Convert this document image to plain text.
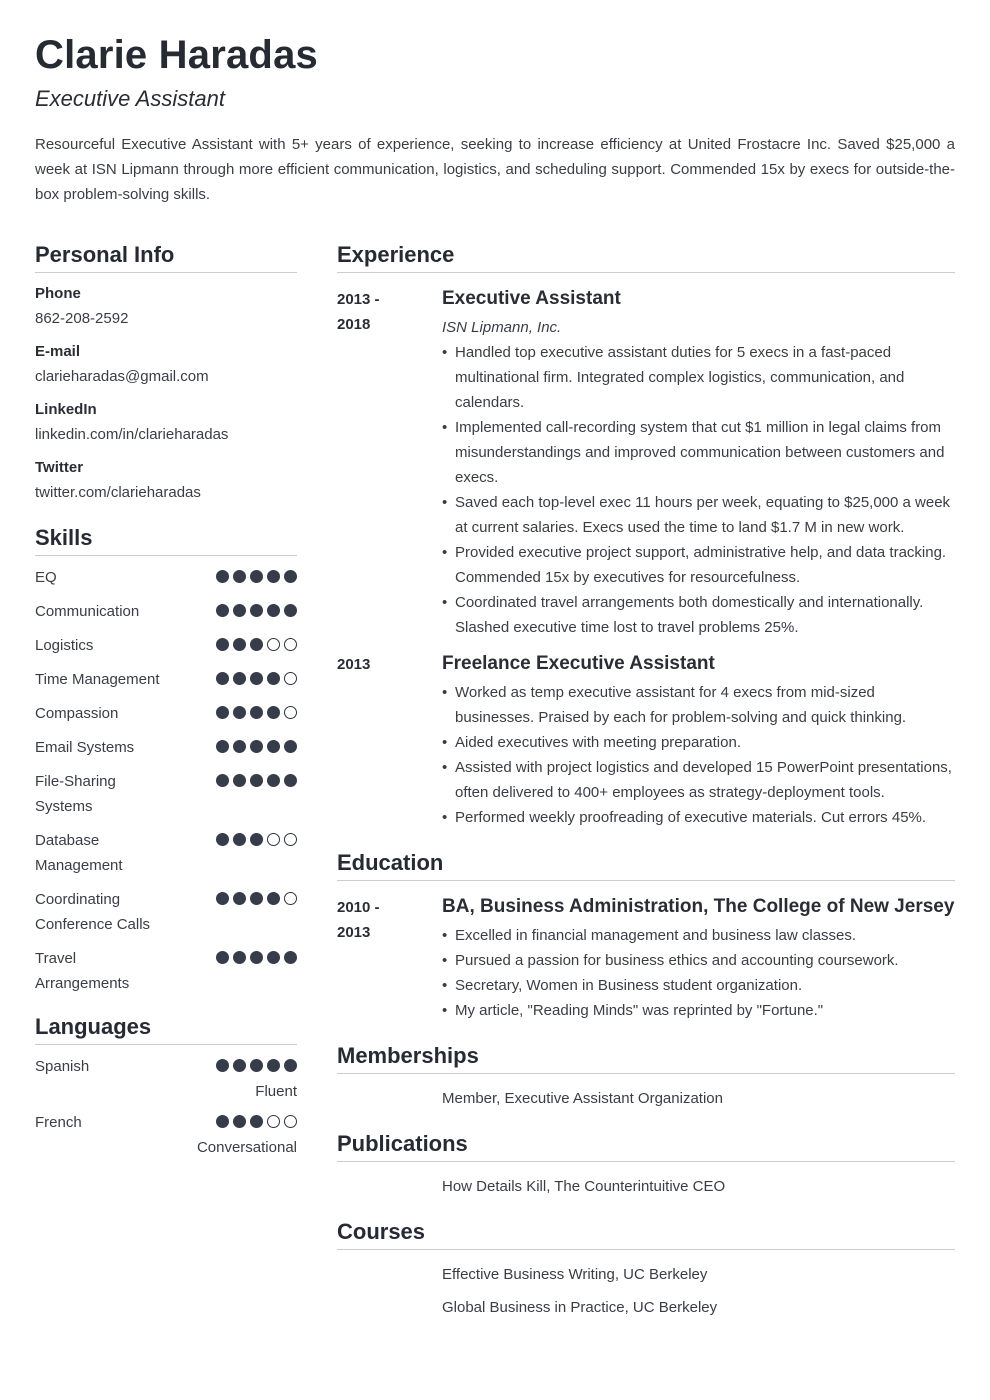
Clarie Haradas
Executive Assistant
Resourceful Executive Assistant with 5+ years of experience, seeking to increase efficiency at United Frostacre Inc. Saved $25,000 a week at ISN Lipmann through more efficient communication, logistics, and scheduling support. Commended 15x by execs for outside-the-box problem-solving skills.
Personal Info
Phone
862-208-2592
E-mail
clarieharadas@gmail.com
LinkedIn
linkedin.com/in/clarieharadas
Twitter
twitter.com/clarieharadas
Skills
EQ
Communication
Logistics
Time Management
Compassion
Email Systems
File-Sharing Systems
Database Management
Coordinating Conference Calls
Travel Arrangements
Languages
Spanish
Fluent
French
Conversational
Experience
2013 -
2018
Executive Assistant
ISN Lipmann, Inc.
• Handled top executive assistant duties for 5 execs in a fast-paced multinational firm. Integrated complex logistics, communication, and calendars.
• Implemented call-recording system that cut $1 million in legal claims from misunderstandings and improved communication between customers and execs.
• Saved each top-level exec 11 hours per week, equating to $25,000 a week at current salaries. Execs used the time to land $1.7 M in new work.
• Provided executive project support, administrative help, and data tracking. Commended 15x by executives for resourcefulness.
• Coordinated travel arrangements both domestically and internationally. Slashed executive time lost to travel problems 25%.
2013	Freelance Executive Assistant
• Worked as temp executive assistant for 4 execs from mid-sized businesses. Praised by each for problem-solving and quick thinking.
• Aided executives with meeting preparation.
• Assisted with project logistics and developed 15 PowerPoint presentations, often delivered to 400+ employees as strategy-deployment tools.
• Performed weekly proofreading of executive materials. Cut errors 45%.
Education
2010 -
2013
BA, Business Administration, The College of New Jersey
• Excelled in financial management and business law classes.
• Pursued a passion for business ethics and accounting coursework.
• Secretary, Women in Business student organization.
• My article, "Reading Minds" was reprinted by "Fortune."
Memberships
Member, Executive Assistant Organization
Publications
How Details Kill, The Counterintuitive CEO
Courses
Effective Business Writing, UC Berkeley
Global Business in Practice, UC Berkeley
